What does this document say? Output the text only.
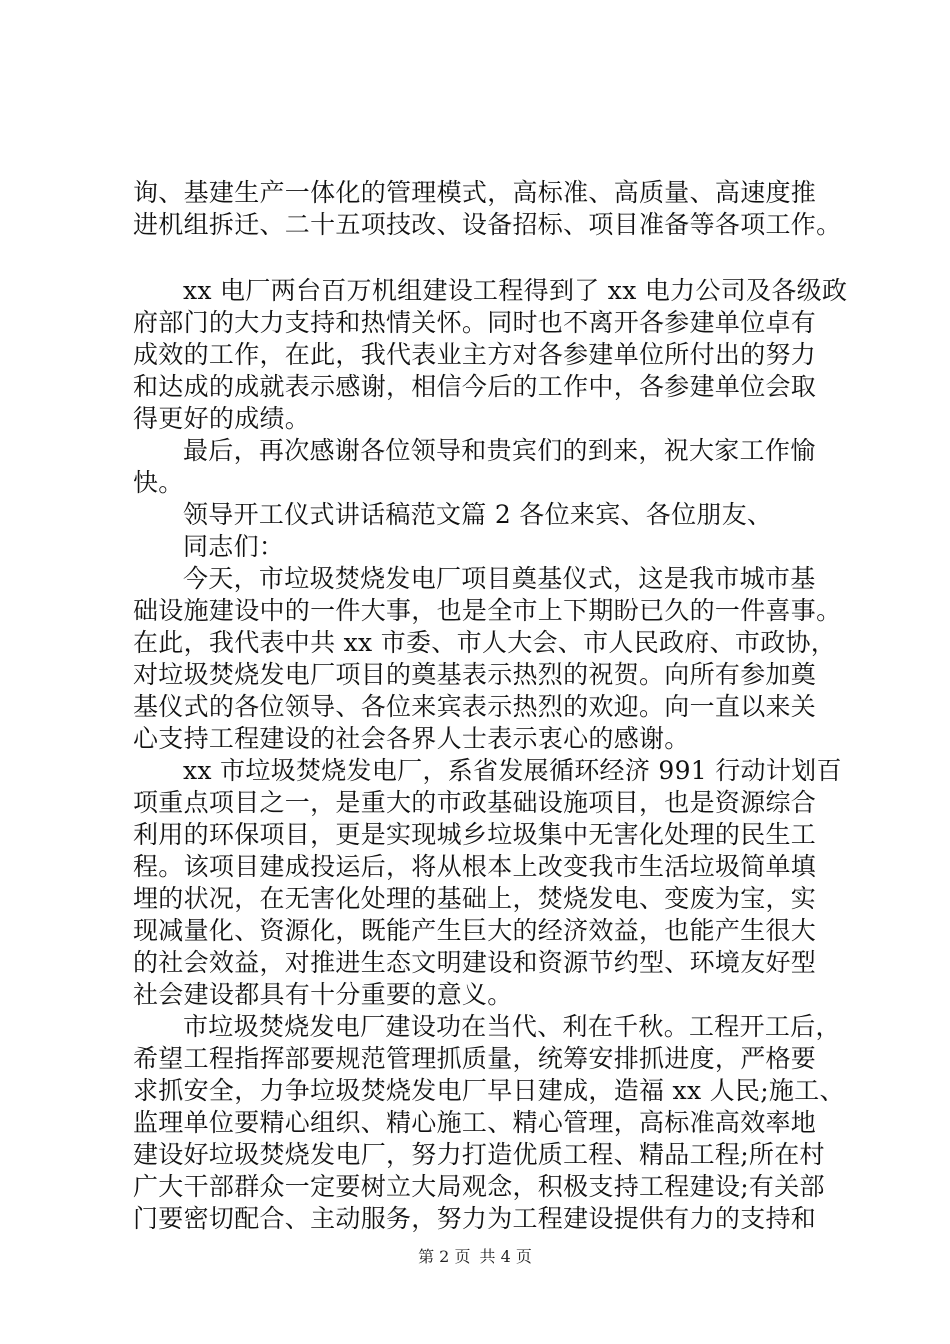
询、基建生产一体化的管理模式，高标准、高质量、高速度推
进机组拆迁、二十五项技改、设备招标、项目准备等各项工作。
xx 电厂两台百万机组建设工程得到了 xx 电力公司及各级政
府部门的大力支持和热情关怀。同时也不离开各参建单位卓有
成效的工作，在此，我代表业主方对各参建单位所付出的努力
和达成的成就表示感谢，相信今后的工作中，各参建单位会取
得更好的成绩。
最后，再次感谢各位领导和贵宾们的到来，祝大家工作愉
快。
领导开工仪式讲话稿范文篇 2 各位来宾、各位朋友、
同志们：
今天，市垃圾焚烧发电厂项目奠基仪式，这是我市城市基
础设施建设中的一件大事，也是全市上下期盼已久的一件喜事。
在此，我代表中共 xx 市委、市人大会、市人民政府、市政协，
对垃圾焚烧发电厂项目的奠基表示热烈的祝贺。向所有参加奠
基仪式的各位领导、各位来宾表示热烈的欢迎。向一直以来关
心支持工程建设的社会各界人士表示衷心的感谢。
xx 市垃圾焚烧发电厂，系省发展循环经济 991 行动计划百
项重点项目之一，是重大的市政基础设施项目，也是资源综合
利用的环保项目，更是实现城乡垃圾集中无害化处理的民生工
程。该项目建成投运后，将从根本上改变我市生活垃圾简单填
埋的状况，在无害化处理的基础上，焚烧发电、变废为宝，实
现减量化、资源化，既能产生巨大的经济效益，也能产生很大
的社会效益，对推进生态文明建设和资源节约型、环境友好型
社会建设都具有十分重要的意义。
市垃圾焚烧发电厂建设功在当代、利在千秋。工程开工后，
希望工程指挥部要规范管理抓质量，统筹安排抓进度，严格要
求抓安全，力争垃圾焚烧发电厂早日建成，造福 xx 人民;施工、
监理单位要精心组织、精心施工、精心管理，高标准高效率地
建设好垃圾焚烧发电厂，努力打造优质工程、精品工程;所在村
广大干部群众一定要树立大局观念，积极支持工程建设;有关部
门要密切配合、主动服务，努力为工程建设提供有力的支持和
第 2 页 共 4 页
